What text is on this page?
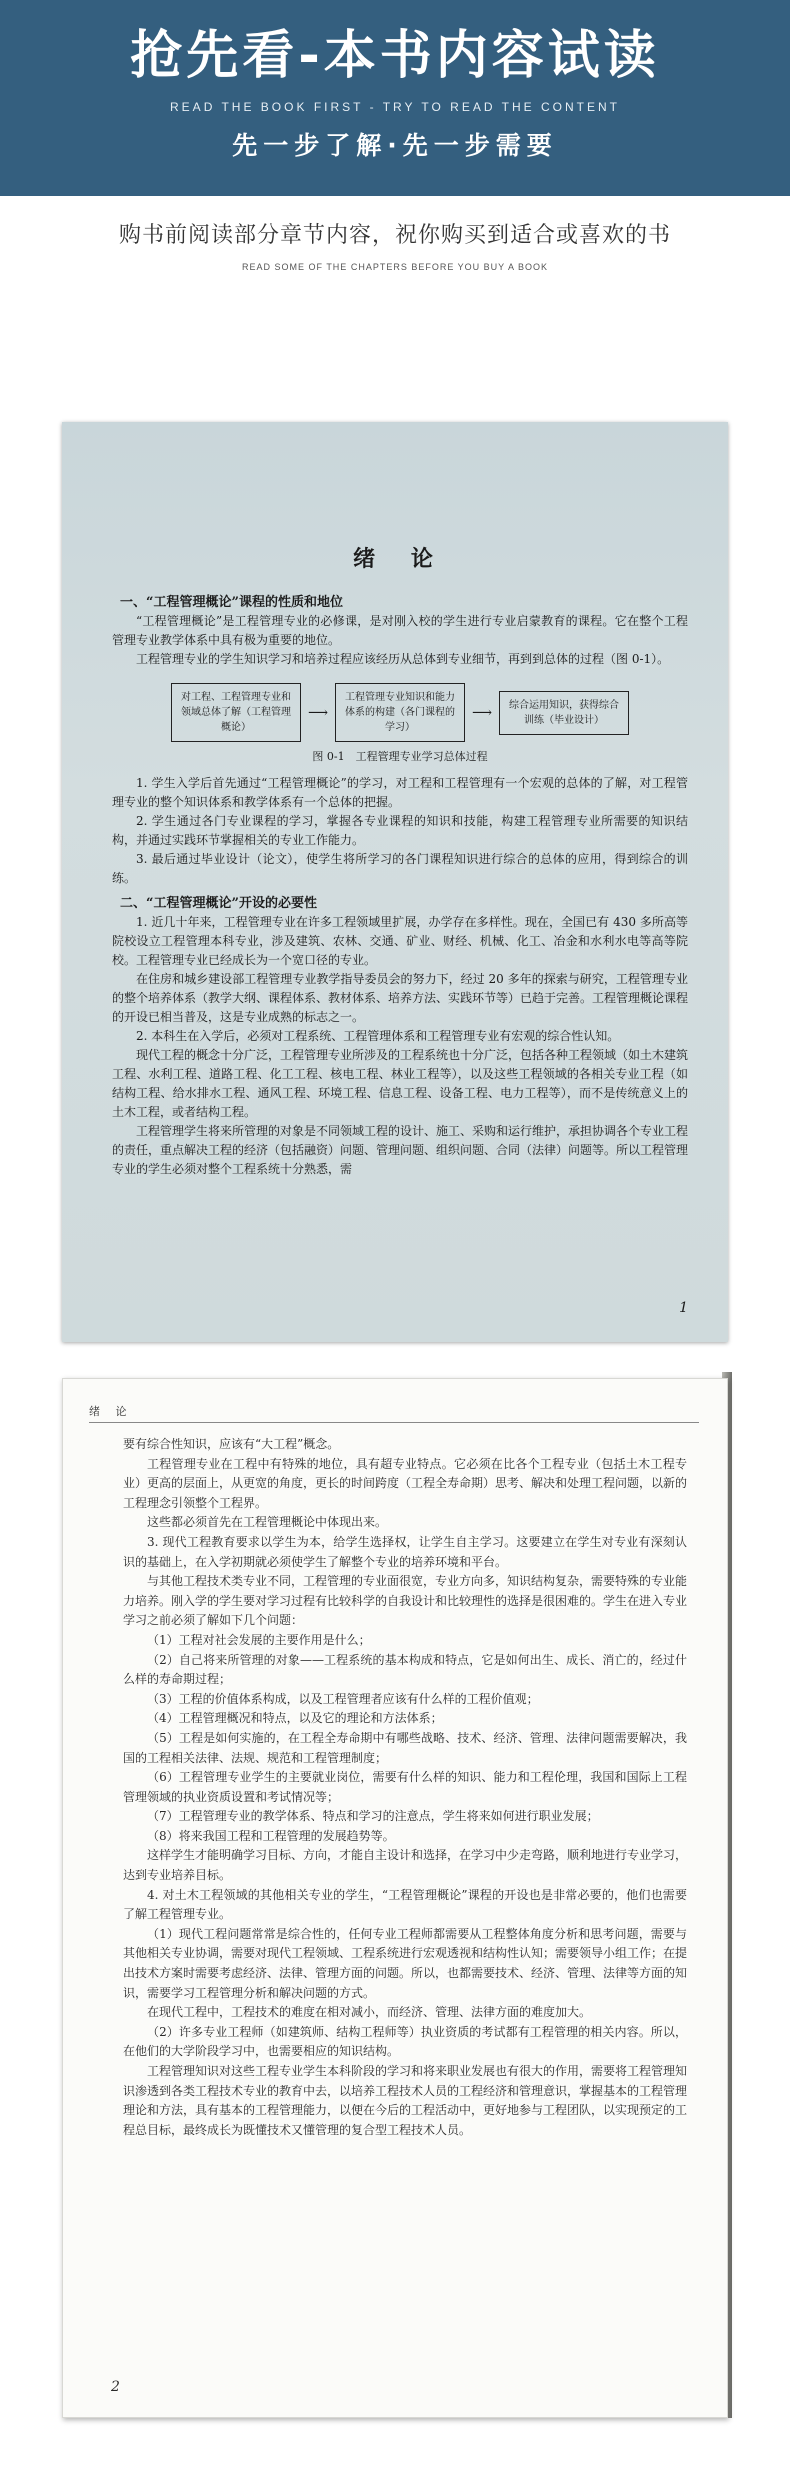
抢先看-本书内容试读
READ THE BOOK FIRST - TRY TO READ THE CONTENT
先一步了解·先一步需要
购书前阅读部分章节内容，祝你购买到适合或喜欢的书
READ SOME OF THE CHAPTERS BEFORE YOU BUY A BOOK
绪 论
一、“工程管理概论”课程的性质和地位

“工程管理概论”是工程管理专业的必修课，是对刚入校的学生进行专业启蒙教育的课程。它在整个工程管理专业教学体系中具有极为重要的地位。

工程管理专业的学生知识学习和培养过程应该经历从总体到专业细节，再到到总体的过程（图 0-1）。

对工程、工程管理专业和领域总体了解（工程管理概论）
⟶
工程管理专业知识和能力体系的构建（各门课程的学习）
⟶	综合运用知识，获得综合训练（毕业设计）
图 0-1　工程管理专业学习总体过程

1. 学生入学后首先通过“工程管理概论”的学习，对工程和工程管理有一个宏观的总体的了解，对工程管理专业的整个知识体系和教学体系有一个总体的把握。

2. 学生通过各门专业课程的学习，掌握各专业课程的知识和技能，构建工程管理专业所需要的知识结构，并通过实践环节掌握相关的专业工作能力。

3. 最后通过毕业设计（论文），使学生将所学习的各门课程知识进行综合的总体的应用，得到综合的训练。

二、“工程管理概论”开设的必要性

1. 近几十年来，工程管理专业在许多工程领域里扩展，办学存在多样性。现在，全国已有 430 多所高等院校设立工程管理本科专业，涉及建筑、农林、交通、矿业、财经、机械、化工、冶金和水利水电等高等院校。工程管理专业已经成长为一个宽口径的专业。

在住房和城乡建设部工程管理专业教学指导委员会的努力下，经过 20 多年的探索与研究，工程管理专业的整个培养体系（教学大纲、课程体系、教材体系、培养方法、实践环节等）已趋于完善。工程管理概论课程的开设已相当普及，这是专业成熟的标志之一。

2. 本科生在入学后，必须对工程系统、工程管理体系和工程管理专业有宏观的综合性认知。

现代工程的概念十分广泛，工程管理专业所涉及的工程系统也十分广泛，包括各种工程领域（如土木建筑工程、水利工程、道路工程、化工工程、核电工程、林业工程等），以及这些工程领域的各相关专业工程（如结构工程、给水排水工程、通风工程、环境工程、信息工程、设备工程、电力工程等），而不是传统意义上的土木工程，或者结构工程。

工程管理学生将来所管理的对象是不同领域工程的设计、施工、采购和运行维护，承担协调各个专业工程的责任，重点解决工程的经济（包括融资）问题、管理问题、组织问题、合同（法律）问题等。所以工程管理专业的学生必须对整个工程系统十分熟悉，需

1
绪 论

要有综合性知识，应该有“大工程”概念。

工程管理专业在工程中有特殊的地位，具有超专业特点。它必须在比各个工程专业（包括土木工程专业）更高的层面上，从更宽的角度，更长的时间跨度（工程全寿命期）思考、解决和处理工程问题，以新的工程理念引领整个工程界。

这些都必须首先在工程管理概论中体现出来。

3. 现代工程教育要求以学生为本，给学生选择权，让学生自主学习。这要建立在学生对专业有深刻认识的基础上，在入学初期就必须使学生了解整个专业的培养环境和平台。

与其他工程技术类专业不同，工程管理的专业面很宽，专业方向多，知识结构复杂，需要特殊的专业能力培养。刚入学的学生要对学习过程有比较科学的自我设计和比较理性的选择是很困难的。学生在进入专业学习之前必须了解如下几个问题：

（1）工程对社会发展的主要作用是什么；

（2）自己将来所管理的对象——工程系统的基本构成和特点，它是如何出生、成长、消亡的，经过什么样的寿命期过程；

（3）工程的价值体系构成，以及工程管理者应该有什么样的工程价值观；

（4）工程管理概况和特点，以及它的理论和方法体系；

（5）工程是如何实施的，在工程全寿命期中有哪些战略、技术、经济、管理、法律问题需要解决，我国的工程相关法律、法规、规范和工程管理制度；

（6）工程管理专业学生的主要就业岗位，需要有什么样的知识、能力和工程伦理，我国和国际上工程管理领域的执业资质设置和考试情况等；

（7）工程管理专业的教学体系、特点和学习的注意点，学生将来如何进行职业发展；

（8）将来我国工程和工程管理的发展趋势等。

这样学生才能明确学习目标、方向，才能自主设计和选择，在学习中少走弯路，顺利地进行专业学习，达到专业培养目标。

4. 对土木工程领域的其他相关专业的学生，“工程管理概论”课程的开设也是非常必要的，他们也需要了解工程管理专业。

（1）现代工程问题常常是综合性的，任何专业工程师都需要从工程整体角度分析和思考问题，需要与其他相关专业协调，需要对现代工程领域、工程系统进行宏观透视和结构性认知；需要领导小组工作；在提出技术方案时需要考虑经济、法律、管理方面的问题。所以，也都需要技术、经济、管理、法律等方面的知识，需要学习工程管理分析和解决问题的方式。

在现代工程中，工程技术的难度在相对减小，而经济、管理、法律方面的难度加大。

（2）许多专业工程师（如建筑师、结构工程师等）执业资质的考试都有工程管理的相关内容。所以，在他们的大学阶段学习中，也需要相应的知识结构。

工程管理知识对这些工程专业学生本科阶段的学习和将来职业发展也有很大的作用，需要将工程管理知识渗透到各类工程技术专业的教育中去，以培养工程技术人员的工程经济和管理意识，掌握基本的工程管理理论和方法，具有基本的工程管理能力，以便在今后的工程活动中，更好地参与工程团队，以实现预定的工程总目标，最终成长为既懂技术又懂管理的复合型工程技术人员。

2
